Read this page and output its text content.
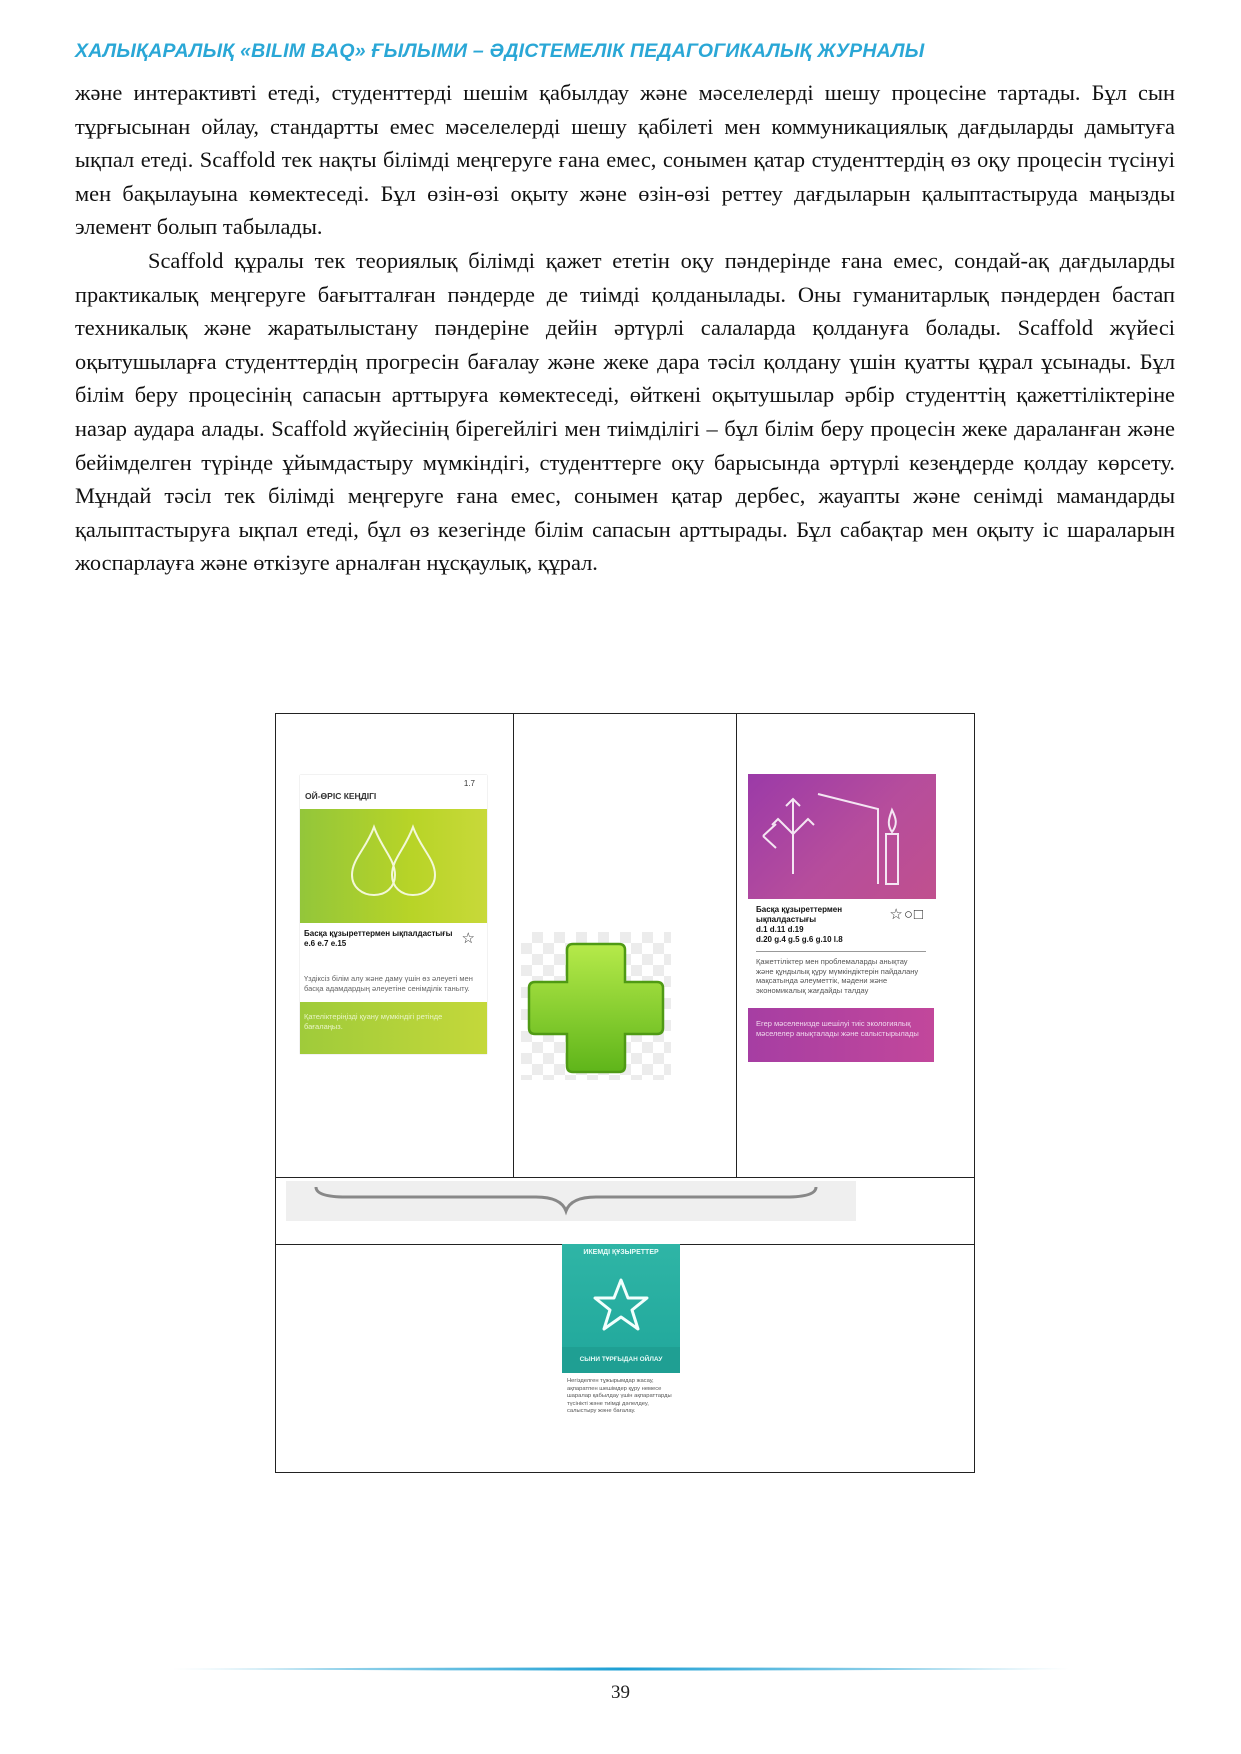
ХАЛЫҚАРАЛЫҚ «BILIM BAQ» ҒЫЛЫМИ – ӘДІСТЕМЕЛІК ПЕДАГОГИКАЛЫҚ ЖУРНАЛЫ

және интерактивті етеді, студенттерді шешім қабылдау және мәселелерді шешу процесіне тартады. Бұл сын тұрғысынан ойлау, стандартты емес мәселелерді шешу қабілеті мен коммуникациялық дағдыларды дамытуға ықпал етеді. Scaffold тек нақты білімді меңгеруге ғана емес, сонымен қатар студенттердің өз оқу процесін түсінуі мен бақылауына көмектеседі. Бұл өзін-өзі оқыту және өзін-өзі реттеу дағдыларын қалыптастыруда маңызды элемент болып табылады.

Scaffold құралы тек теориялық білімді қажет ететін оқу пәндерінде ғана емес, сондай-ақ дағдыларды практикалық меңгеруге бағытталған пәндерде де тиімді қолданылады. Оны гуманитарлық пәндерден бастап техникалық және жаратылыстану пәндеріне дейін әртүрлі салаларда қолдануға болады. Scaffold жүйесі оқытушыларға студенттердің прогресін бағалау және жеке дара тәсіл қолдану үшін қуатты құрал ұсынады. Бұл білім беру процесінің сапасын арттыруға көмектеседі, өйткені оқытушылар әрбір студенттің қажеттіліктеріне назар аудара алады. Scaffold жүйесінің бірегейлігі мен тиімділігі – бұл білім беру процесін жеке дараланған және бейімделген түрінде ұйымдастыру мүмкіндігі, студенттерге оқу барысында әртүрлі кезеңдерде қолдау көрсету. Мұндай тәсіл тек білімді меңгеруге ғана емес, сонымен қатар дербес, жауапты және сенімді мамандарды қалыптастыруға ықпал етеді, бұл өз кезегінде білім сапасын арттырады. Бұл сабақтар мен оқыту іс шараларын жоспарлауға және өткізуге арналған нұсқаулық, құрал.

1.7
ОЙ-ӨРІС КЕҢДІГІ
Басқа құзыреттермен ықпалдастығы
e.6 e.7 e.15	☆
Үздіксіз білім алу және даму үшін өз әлеуеті мен басқа адамдардың әлеуетіне сенімділік таныту.
Қателіктеріңізді қуану мүмкіндігі ретінде бағалаңыз.
Басқа құзыреттермен ықпалдастығы
d.1 d.11 d.19
d.20 g.4 g.5 g.6 g.10 l.8
☆○□
Қажеттіліктер мен проблемаларды анықтау және құндылық құру мүмкіндіктерін пайдалану мақсатында әлеуметтік, мәдени және экономикалық жағдайды талдау
Егер мәселенизде шешілуі тиіс экологиялық мәселелер анықталады және салыстырылады
ИКЕМДІ ҚҰЗЫРЕТТЕР
СЫНИ ТҰРҒЫДАН ОЙЛАУ
Негізделген тұжырымдар жасау, ақпаратпен шешімдер құру немесе шаралар қабылдау үшін ақпараттарды түсінікті және тиімді дәлелдеу, салыстыру және бағалау.
39
